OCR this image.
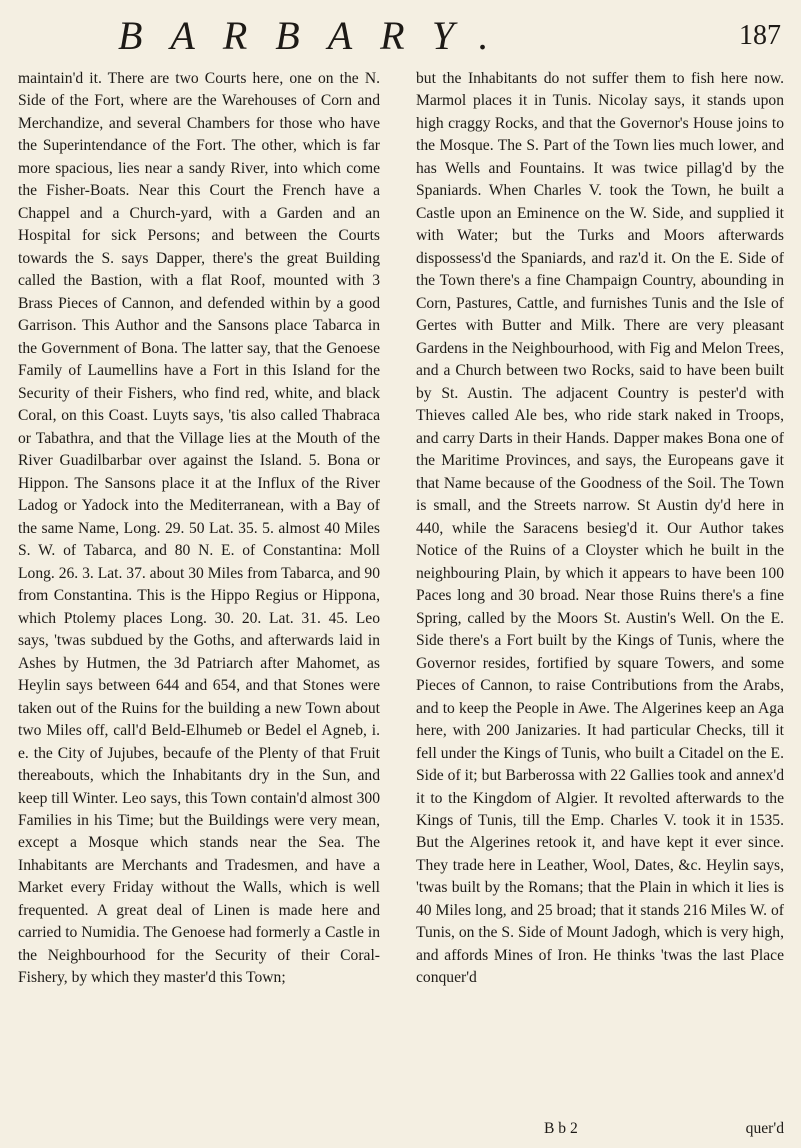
BARBARY.	187

maintain'd it. There are two Courts here, one on the N. Side of the Fort, where are the Warehouses of Corn and Merchandize, and several Chambers for those who have the Superintendance of the Fort. The other, which is far more spacious, lies near a sandy River, into which come the Fisher-Boats. Near this Court the French have a Chappel and a Church-yard, with a Garden and an Hospital for sick Persons; and between the Courts towards the S. says Dapper, there's the great Building called the Bastion, with a flat Roof, mounted with 3 Brass Pieces of Cannon, and defended within by a good Garrison. This Author and the Sansons place Tabarca in the Government of Bona. The latter say, that the Genoese Family of Laumellins have a Fort in this Island for the Security of their Fishers, who find red, white, and black Coral, on this Coast. Luyts says, 'tis also called Thabraca or Tabathra, and that the Village lies at the Mouth of the River Guadilbarbar over against the Island. 5. Bona or Hippon. The Sansons place it at the Influx of the River Ladog or Yadock into the Mediterranean, with a Bay of the same Name, Long. 29. 50 Lat. 35. 5. almost 40 Miles S. W. of Tabarca, and 80 N. E. of Constantina: Moll Long. 26. 3. Lat. 37. about 30 Miles from Tabarca, and 90 from Constantina. This is the Hippo Regius or Hippona, which Ptolemy places Long. 30. 20. Lat. 31. 45. Leo says, 'twas subdued by the Goths, and afterwards laid in Ashes by Hutmen, the 3d Patriarch after Mahomet, as Heylin says between 644 and 654, and that Stones were taken out of the Ruins for the building a new Town about two Miles off, call'd Beld-Elhumeb or Bedel el Agneb, i. e. the City of Jujubes, becaufe of the Plenty of that Fruit thereabouts, which the Inhabitants dry in the Sun, and keep till Winter. Leo says, this Town contain'd almost 300 Families in his Time; but the Buildings were very mean, except a Mosque which stands near the Sea. The Inhabitants are Merchants and Tradesmen, and have a Market every Friday without the Walls, which is well frequented. A great deal of Linen is made here and carried to Numidia. The Genoese had formerly a Castle in the Neighbourhood for the Security of their Coral-Fishery, by which they master'd this Town;

but the Inhabitants do not suffer them to fish here now. Marmol places it in Tunis. Nicolay says, it stands upon high craggy Rocks, and that the Governor's House joins to the Mosque. The S. Part of the Town lies much lower, and has Wells and Fountains. It was twice pillag'd by the Spaniards. When Charles V. took the Town, he built a Castle upon an Eminence on the W. Side, and supplied it with Water; but the Turks and Moors afterwards dispossess'd the Spaniards, and raz'd it. On the E. Side of the Town there's a fine Champaign Country, abounding in Corn, Pastures, Cattle, and furnishes Tunis and the Isle of Gertes with Butter and Milk. There are very pleasant Gardens in the Neighbourhood, with Fig and Melon Trees, and a Church between two Rocks, said to have been built by St. Austin. The adjacent Country is pester'd with Thieves called Ale bes, who ride stark naked in Troops, and carry Darts in their Hands. Dapper makes Bona one of the Maritime Provinces, and says, the Europeans gave it that Name because of the Goodness of the Soil. The Town is small, and the Streets narrow. St Austin dy'd here in 440, while the Saracens besieg'd it. Our Author takes Notice of the Ruins of a Cloyster which he built in the neighbouring Plain, by which it appears to have been 100 Paces long and 30 broad. Near those Ruins there's a fine Spring, called by the Moors St. Austin's Well. On the E. Side there's a Fort built by the Kings of Tunis, where the Governor resides, fortified by square Towers, and some Pieces of Cannon, to raise Contributions from the Arabs, and to keep the People in Awe. The Algerines keep an Aga here, with 200 Janizaries. It had particular Checks, till it fell under the Kings of Tunis, who built a Citadel on the E. Side of it; but Barberossa with 22 Gallies took and annex'd it to the Kingdom of Algier. It revolted afterwards to the Kings of Tunis, till the Emp. Charles V. took it in 1535. But the Algerines retook it, and have kept it ever since. They trade here in Leather, Wool, Dates, &c. Heylin says, 'twas built by the Romans; that the Plain in which it lies is 40 Miles long, and 25 broad; that it stands 216 Miles W. of Tunis, on the S. Side of Mount Jadogh, which is very high, and affords Mines of Iron. He thinks 'twas the last Place conquer'd

B b 2	quer'd
